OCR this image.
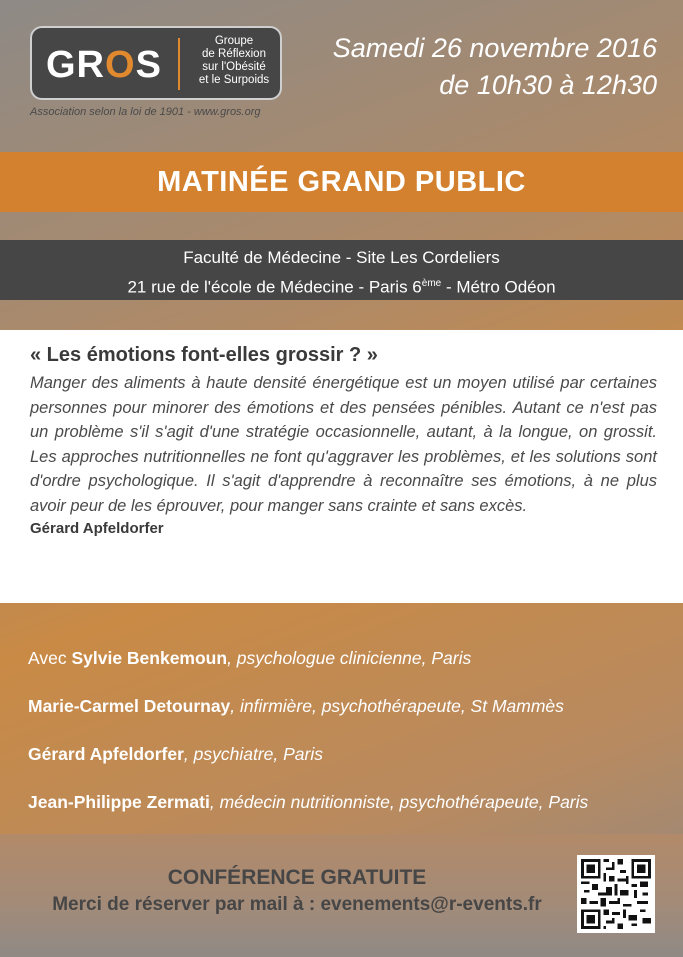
GROS
Groupe
de Réflexion
sur l'Obésité
et le Surpoids
Association selon la loi de 1901 - www.gros.org
Samedi 26 novembre 2016
de 10h30 à 12h30
MATINÉE GRAND PUBLIC
Faculté de Médecine - Site Les Cordeliers
21 rue de l'école de Médecine - Paris 6ème - Métro Odéon
« Les émotions font-elles grossir ? »
Manger des aliments à haute densité énergétique est un moyen utilisé par certaines personnes pour minorer des émotions et des pensées pénibles. Autant ce n'est pas un problème s'il s'agit d'une stratégie occasionnelle, autant, à la longue, on grossit. Les approches nutritionnelles ne font qu'aggraver les problèmes, et les solutions sont d'ordre psychologique. Il s'agit d'apprendre à reconnaître ses émotions, à ne plus avoir peur de les éprouver, pour manger sans crainte et sans excès.
Gérard Apfeldorfer
Avec Sylvie Benkemoun, psychologue clinicienne, Paris
Marie-Carmel Detournay, infirmière, psychothérapeute, St Mammès
Gérard Apfeldorfer, psychiatre, Paris
Jean-Philippe Zermati, médecin nutritionniste, psychothérapeute, Paris
CONFÉRENCE GRATUITE
Merci de réserver par mail à : evenements@r-events.fr
